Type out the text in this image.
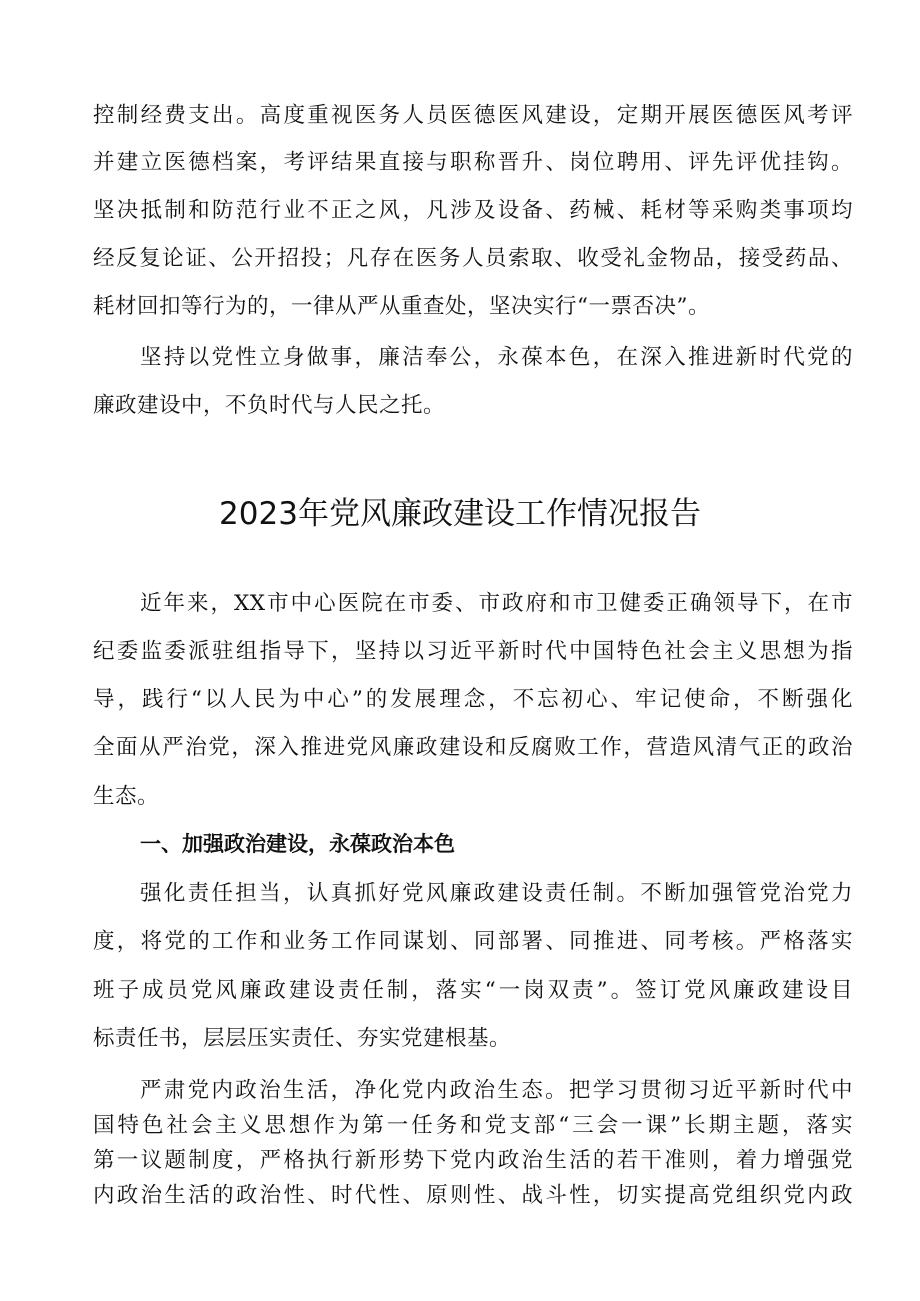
控制经费支出。高度重视医务人员医德医风建设，定期开展医德医风考评
并建立医德档案，考评结果直接与职称晋升、岗位聘用、评先评优挂钩。
坚决抵制和防范行业不正之风，凡涉及设备、药械、耗材等采购类事项均
经反复论证、公开招投；凡存在医务人员索取、收受礼金物品，接受药品、
耗材回扣等行为的，一律从严从重查处，坚决实行“一票否决”。
坚持以党性立身做事，廉洁奉公，永葆本色，在深入推进新时代党的
廉政建设中，不负时代与人民之托。
2023年党风廉政建设工作情况报告
近年来，XX市中心医院在市委、市政府和市卫健委正确领导下，在市
纪委监委派驻组指导下，坚持以习近平新时代中国特色社会主义思想为指
导，践行“以人民为中心”的发展理念，不忘初心、牢记使命，不断强化
全面从严治党，深入推进党风廉政建设和反腐败工作，营造风清气正的政治
生态。
一、加强政治建设，永葆政治本色
强化责任担当，认真抓好党风廉政建设责任制。不断加强管党治党力
度，将党的工作和业务工作同谋划、同部署、同推进、同考核。严格落实
班子成员党风廉政建设责任制，落实“一岗双责”。签订党风廉政建设目
标责任书，层层压实责任、夯实党建根基。
严肃党内政治生活，净化党内政治生态。把学习贯彻习近平新时代中
国特色社会主义思想作为第一任务和党支部“三会一课”长期主题，落实
第一议题制度，严格执行新形势下党内政治生活的若干准则，着力增强党
内政治生活的政治性、时代性、原则性、战斗性，切实提高党组织党内政
